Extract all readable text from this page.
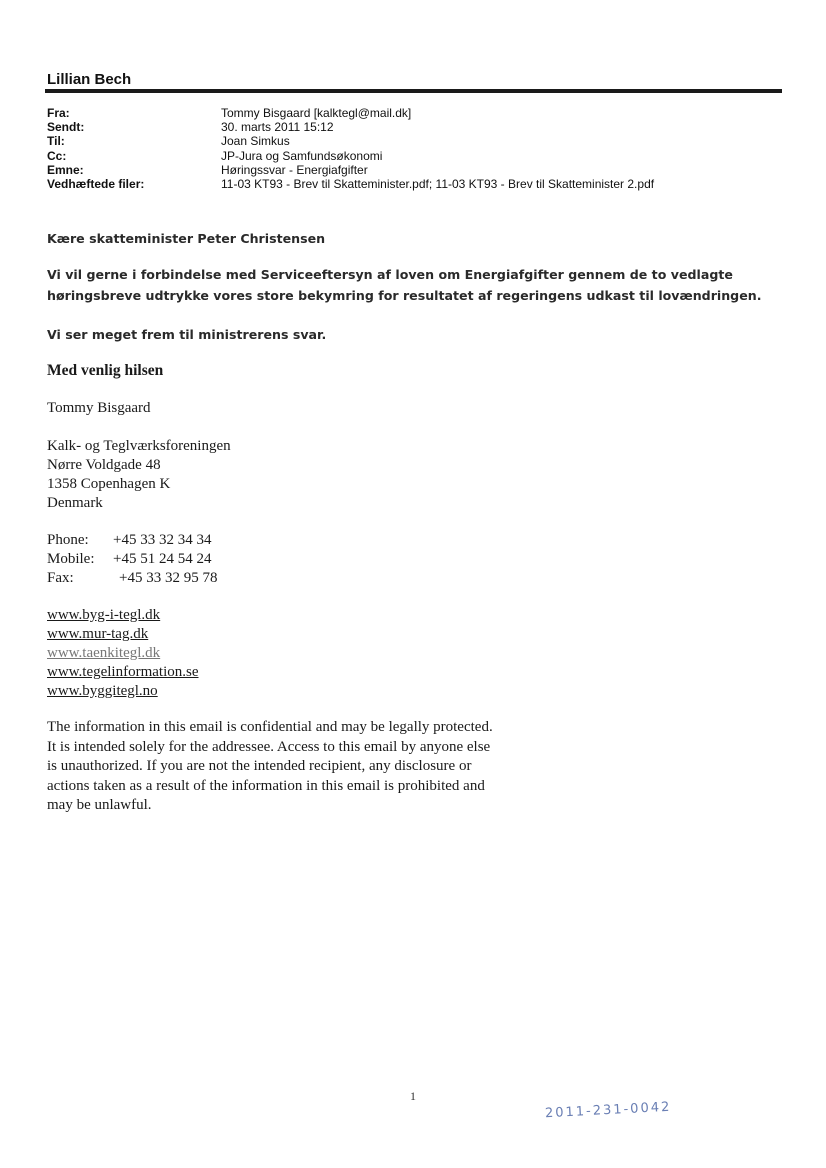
Lillian Bech
Fra:	Tommy Bisgaard [kalktegl@mail.dk]
Sendt:	30. marts 2011 15:12
Til:	Joan Simkus
Cc:	JP-Jura og Samfundsøkonomi
Emne:	Høringssvar - Energiafgifter
Vedhæftede filer:	11-03 KT93 - Brev til Skatteminister.pdf; 11-03 KT93 - Brev til Skatteminister 2.pdf
Kære skatteminister Peter Christensen
Vi vil gerne i forbindelse med Serviceeftersyn af loven om Energiafgifter gennem de to vedlagte
høringsbreve udtrykke vores store bekymring for resultatet af regeringens udkast til lovændringen.
Vi ser meget frem til ministrerens svar.
Med venlig hilsen
Tommy Bisgaard
Kalk- og Teglværksforeningen
Nørre Voldgade 48
1358 Copenhagen K
Denmark
Phone:	+45 33 32 34 34
Mobile:	+45 51 24 54 24
Fax:	+45 33 32 95 78
www.byg-i-tegl.dk
www.mur-tag.dk
www.taenkitegl.dk
www.tegelinformation.se
www.byggitegl.no
The information in this email is confidential and may be legally protected.
It is intended solely for the addressee. Access to this email by anyone else
is unauthorized. If you are not the intended recipient, any disclosure or
actions taken as a result of the information in this email is prohibited and
may be unlawful.
1
2011-231-0042
